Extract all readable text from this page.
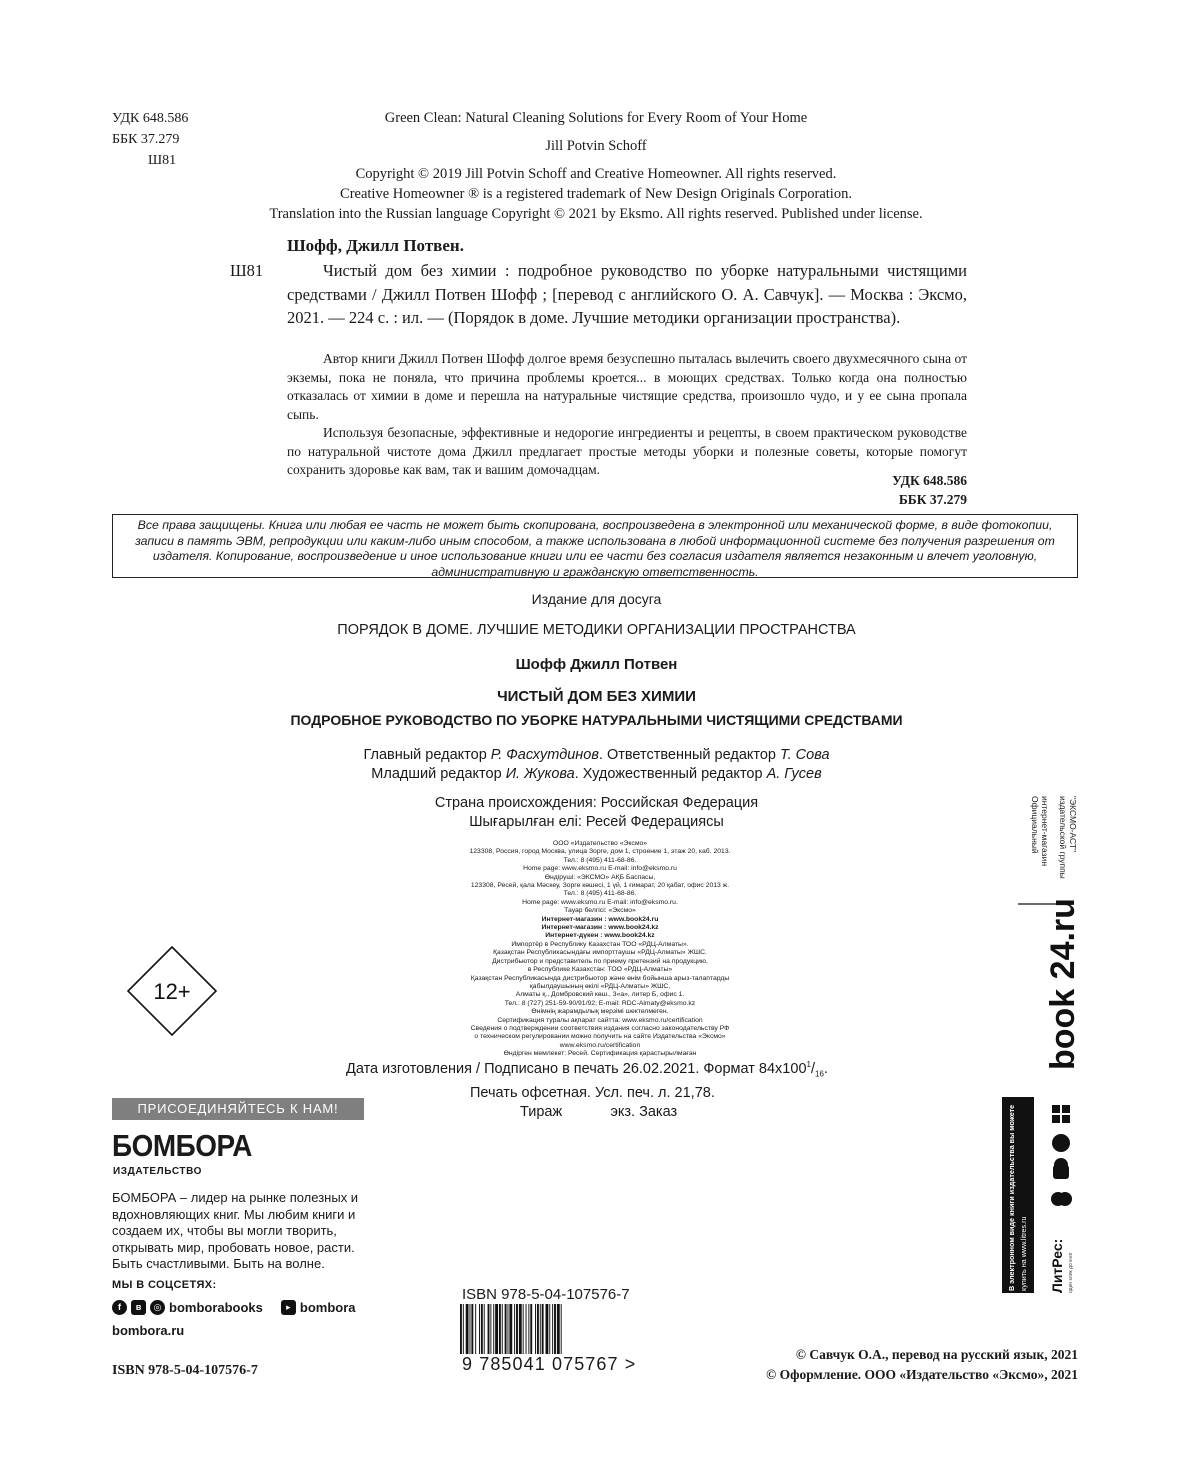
УДК 648.586
ББК 37.279
Ш81
Green Clean: Natural Cleaning Solutions for Every Room of Your Home
Jill Potvin Schoff
Copyright © 2019 Jill Potvin Schoff and Creative Homeowner. All rights reserved.
Creative Homeowner ® is a registered trademark of New Design Originals Corporation.
Translation into the Russian language Copyright © 2021 by Eksmo. All rights reserved. Published under license.
Шофф, Джилл Потвен.
Ш81	Чистый дом без химии : подробное руководство по уборке натуральными чистящими средствами / Джилл Потвен Шофф ; [перевод с английского О. А. Савчук]. — Москва : Эксмо, 2021. — 224 с. : ил. — (Порядок в доме. Лучшие методики организации пространства).

Автор книги Джилл Потвен Шофф долгое время безуспешно пыталась вылечить своего двухмесячного сына от экземы, пока не поняла, что причина проблемы кроется... в моющих средствах. Только когда она полностью отказалась от химии в доме и перешла на натуральные чистящие средства, произошло чудо, и у ее сына пропала сыпь.

Используя безопасные, эффективные и недорогие ингредиенты и рецепты, в своем практическом руководстве по натуральной чистоте дома Джилл предлагает простые методы уборки и полезные советы, которые помогут сохранить здоровье как вам, так и вашим домочадцам.

УДК 648.586
ББК 37.279
Все права защищены. Книга или любая ее часть не может быть скопирована, воспроизведена в электронной или механической форме, в виде фотокопии, записи в память ЭВМ, репродукции или каким-либо иным способом, а также использована в любой информационной системе без получения разрешения от издателя. Копирование, воспроизведение и иное использование книги или ее части без согласия издателя является незаконным и влечет уголовную, административную и гражданскую ответственность.
Издание для досуга
ПОРЯДОК В ДОМЕ. ЛУЧШИЕ МЕТОДИКИ ОРГАНИЗАЦИИ ПРОСТРАНСТВА
Шофф Джилл Потвен
ЧИСТЫЙ ДОМ БЕЗ ХИМИИ
ПОДРОБНОЕ РУКОВОДСТВО ПО УБОРКЕ НАТУРАЛЬНЫМИ ЧИСТЯЩИМИ СРЕДСТВАМИ
Главный редактор Р. Фасхутдинов. Ответственный редактор Т. Сова
Младший редактор И. Жукова. Художественный редактор А. Гусев
Страна происхождения: Российская Федерация
Шығарылған елі: Ресей Федерациясы
ООО «Издательство «Эксмо»
123308, Россия, город Москва, улица Зорге, дом 1, строение 1, этаж 20, каб. 2013.
Тел.: 8 (495) 411-68-86.
Home page: www.eksmo.ru E-mail: info@eksmo.ru
Өндіруші: «ЭКСМО» АҚБ Баспасы,
123308, Ресей, қала Мәскеу, Зорге көшесі, 1 үй, 1 ғимарат, 20 қабат, офис 2013 ж.
Тел.: 8 (495) 411-68-86.
Home page: www.eksmo.ru E-mail: info@eksmo.ru.
Тауар белгісі: «Эксмо»
Интернет-магазин : www.book24.ru
Интернет-магазин : www.book24.kz
Интернет-дүкен : www.book24.kz
Импортёр в Республику Казахстан ТОО «РДЦ-Алматы».
Қазақстан Республикасындағы импорттаушы «РДЦ-Алматы» ЖШС.
Дистрибьютор и представитель по приему претензий на продукцию,
в Республике Казахстан: ТОО «РДЦ-Алматы»
Қазақстан Республикасында дистрибьютор және өнім бойынша арыз-талаптарды
қабылдаушының өкілі «РДЦ-Алматы» ЖШС,
Алматы қ., Домбровский көш., 3«а», литер Б, офис 1.
Тел.: 8 (727) 251-59-90/91/92; E-mail: RDC-Almaty@eksmo.kz
Өнімнің жарамдылық мерзімі шектелмеген.
Сертификация туралы ақпарат сайтта: www.eksmo.ru/certification
Сведения о подтверждении соответствия издания согласно законодательству РФ
о техническом регулировании можно получить на сайте Издательства «Эксмо»
www.eksmo.ru/certification
Өндірген мемлекет: Ресей. Сертификация қарастырылмаған
12+
Дата изготовления / Подписано в печать 26.02.2021. Формат $84x100^1/_{16}$.
Печать офсетная. Усл. печ. л. 21,78.
Тираж            экз. Заказ
ПРИСОЕДИНЯЙТЕСЬ К НАМ!
БОМБОРА
ИЗДАТЕЛЬСТВО
БОМБОРА – лидер на рынке полезных и вдохновляющих книг. Мы любим книги и создаем их, чтобы вы могли творить, открывать мир, пробовать новое, расти. Быть счастливыми. Быть на волне.
МЫ В СОЦСЕТЯХ:
f	в	◎ bomborabooks	▸ bombora
bombora.ru
ISBN 978-5-04-107576-7
ISBN 978-5-04-107576-7
9 785041 075767 >	© Савчук О.А., перевод на русский язык, 2021
© Оформление. ООО «Издательство «Эксмо», 2021
Официальный интернет-магазин издательской группы "ЭКСМО-АСТ"
book 24.ru
В электронном виде книги издательства вы можете купить на www.litres.ru ЛитРес: один клик до книг
